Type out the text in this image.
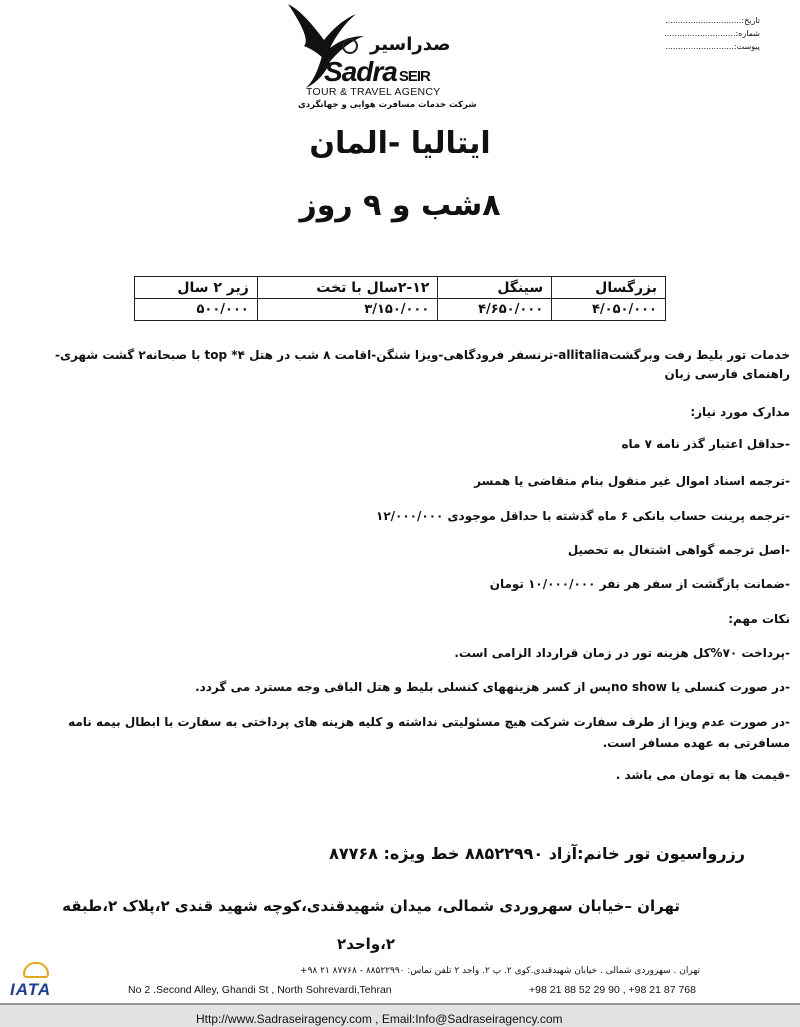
صدراسیر
Sadra SEIR
TOUR & TRAVEL AGENCY
شرکت خدمات مسافرت هوایی و جهانگردی
تاریخ:..............................
شماره:............................
پیوست:...........................
ایتالیا -المان
۸شب و ۹ روز
بزرگسال	سینگل	۲-۱۲سال با تخت	زیر ۲ سال
۴/۰۵۰/۰۰۰	۴/۶۵۰/۰۰۰	۳/۱۵۰/۰۰۰	۵۰۰/۰۰۰
خدمات تور بلیط رفت وبرگشتallitalia-ترنسفر فرودگاهی-ویزا شنگن-اقامت ۸ شب در هتل ۴* top با صبحانه۲ گشت شهری-
راهنمای فارسی زبان
مدارک مورد نیاز:
-حداقل اعتبار گذر نامه ۷ ماه
-ترجمه اسناد اموال غیر منقول بنام متقاضی یا همسر
-ترجمه پرینت حساب بانکی ۶ ماه گذشته با حداقل موجودی ۱۲/۰۰۰/۰۰۰
-اصل ترجمه گواهی اشتغال به تحصیل
-ضمانت بازگشت از سفر هر نفر ۱۰/۰۰۰/۰۰۰ تومان
نکات مهم:
-پرداخت ۷۰%کل هزینه تور در زمان قرارداد الزامی است.
-در صورت کنسلی یا no showپس از کسر هزینههای کنسلی بلیط و هتل الباقی وجه مسترد می گردد.
-در صورت عدم ویزا از طرف سفارت شرکت هیچ مسئولیتی نداشته و کلیه هزینه های پرداختی به سفارت با ابطال بیمه نامه
مسافرتی به عهده مسافر است.
-قیمت ها به تومان می باشد .
رزرواسیون تور خانم:آزاد ۸۸۵۲۲۹۹۰ خط ویژه: ۸۷۷۶۸
تهران –خیابان سهروردی شمالی، میدان شهیدقندی،کوچه شهید قندی ۲،پلاک ۲،طبقه
۲،واحد۲
IATA
تهران . سهروردی شمالی . خیابان شهیدقندی.کوی ۲. پ ۲. واحد ۲ تلفن تماس: ۸۸۵۲۲۹۹۰ - ۸۷۷۶۸ ۲۱ ۹۸+
No 2 .Second Alley, Ghandi St , North Sohrevardi,Tehran	+98 21 88 52 29 90 , +98 21 87 768
Http://www.Sadraseiragency.com , Email:Info@Sadraseiragency.com
